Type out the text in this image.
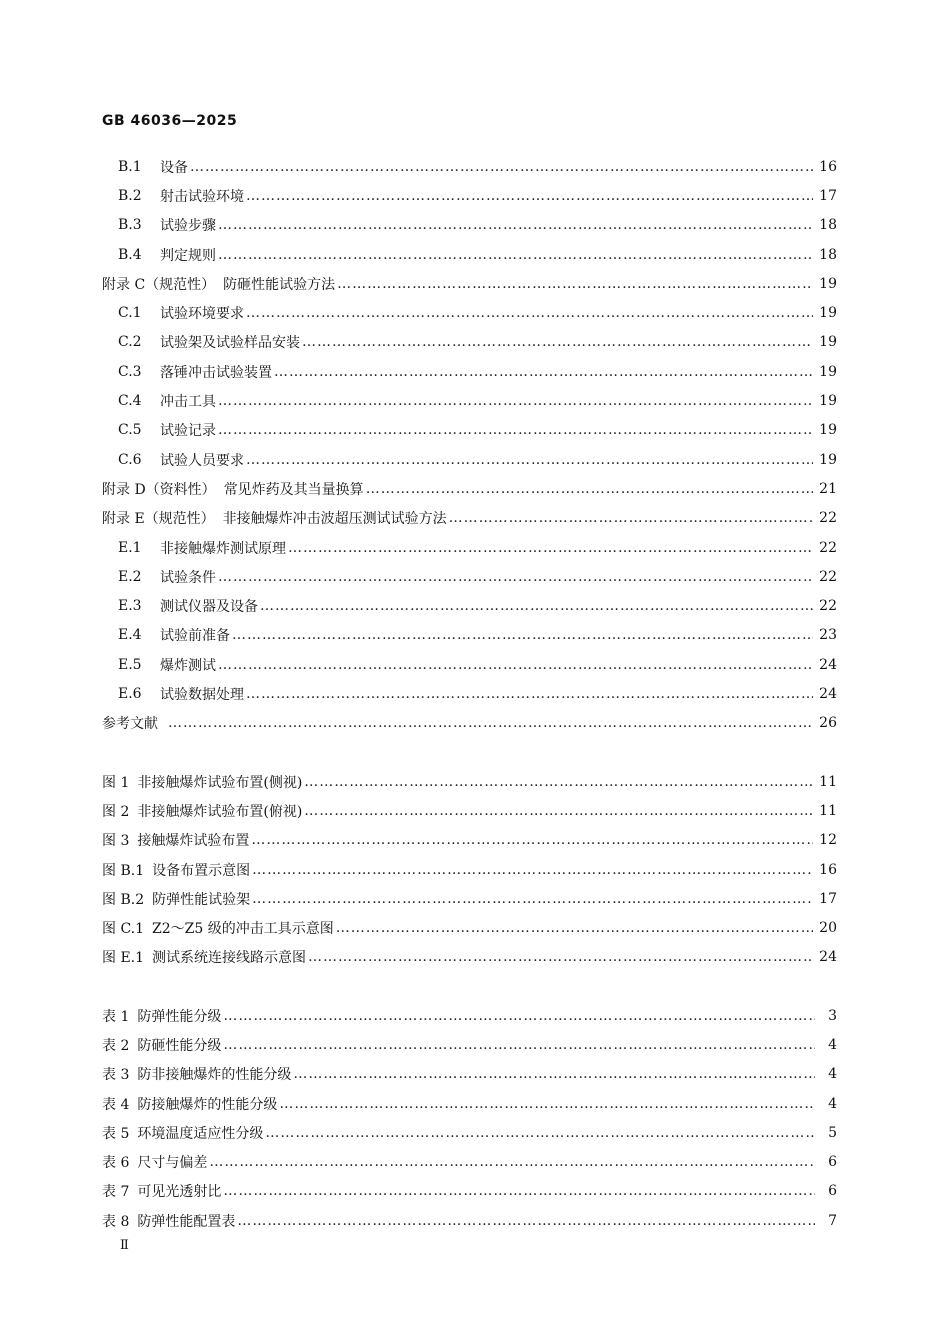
GB 46036—2025
B.1	设备 ……………………………………………………………………………………………………………………………………………………………………………………………………………	16
B.2	射击试验环境 ……………………………………………………………………………………………………………………………………………………………………………………………………………	17
B.3	试验步骤 ……………………………………………………………………………………………………………………………………………………………………………………………………………	18
B.4	判定规则 ……………………………………………………………………………………………………………………………………………………………………………………………………………	18
附录 C（规范性） 防砸性能试验方法 ……………………………………………………………………………………………………………………………………………………………………………………………………………	19
C.1	试验环境要求 ……………………………………………………………………………………………………………………………………………………………………………………………………………	19
C.2	试验架及试验样品安装 ……………………………………………………………………………………………………………………………………………………………………………………………………………	19
C.3	落锤冲击试验装置 ……………………………………………………………………………………………………………………………………………………………………………………………………………	19
C.4	冲击工具 ……………………………………………………………………………………………………………………………………………………………………………………………………………	19
C.5	试验记录 ……………………………………………………………………………………………………………………………………………………………………………………………………………	19
C.6	试验人员要求 ……………………………………………………………………………………………………………………………………………………………………………………………………………	19
附录 D（资料性） 常见炸药及其当量换算 ……………………………………………………………………………………………………………………………………………………………………………………………………………	21
附录 E（规范性） 非接触爆炸冲击波超压测试试验方法 ……………………………………………………………………………………………………………………………………………………………………………………………………………	22
E.1	非接触爆炸测试原理 ……………………………………………………………………………………………………………………………………………………………………………………………………………	22
E.2	试验条件 ……………………………………………………………………………………………………………………………………………………………………………………………………………	22
E.3	测试仪器及设备 ……………………………………………………………………………………………………………………………………………………………………………………………………………	22
E.4	试验前准备 ……………………………………………………………………………………………………………………………………………………………………………………………………………	23
E.5	爆炸测试 ……………………………………………………………………………………………………………………………………………………………………………………………………………	24
E.6	试验数据处理 ……………………………………………………………………………………………………………………………………………………………………………………………………………	24
参考文献 ……………………………………………………………………………………………………………………………………………………………………………………………………………	26
图 1 非接触爆炸试验布置(侧视) ……………………………………………………………………………………………………………………………………………………………………………………………………………	11
图 2 非接触爆炸试验布置(俯视) ……………………………………………………………………………………………………………………………………………………………………………………………………………	11
图 3 接触爆炸试验布置 ……………………………………………………………………………………………………………………………………………………………………………………………………………	12
图 B.1 设备布置示意图 ……………………………………………………………………………………………………………………………………………………………………………………………………………	16
图 B.2 防弹性能试验架 ……………………………………………………………………………………………………………………………………………………………………………………………………………	17
图 C.1 Z2～Z5 级的冲击工具示意图 ……………………………………………………………………………………………………………………………………………………………………………………………………………	20
图 E.1 测试系统连接线路示意图 ……………………………………………………………………………………………………………………………………………………………………………………………………………	24
表 1 防弹性能分级 ……………………………………………………………………………………………………………………………………………………………………………………………………………	3
表 2 防砸性能分级 ……………………………………………………………………………………………………………………………………………………………………………………………………………	4
表 3 防非接触爆炸的性能分级 ……………………………………………………………………………………………………………………………………………………………………………………………………………	4
表 4 防接触爆炸的性能分级 ……………………………………………………………………………………………………………………………………………………………………………………………………………	4
表 5 环境温度适应性分级 ……………………………………………………………………………………………………………………………………………………………………………………………………………	5
表 6 尺寸与偏差 ……………………………………………………………………………………………………………………………………………………………………………………………………………	6
表 7 可见光透射比 ……………………………………………………………………………………………………………………………………………………………………………………………………………	6
表 8 防弹性能配置表 ……………………………………………………………………………………………………………………………………………………………………………………………………………	7
Ⅱ
